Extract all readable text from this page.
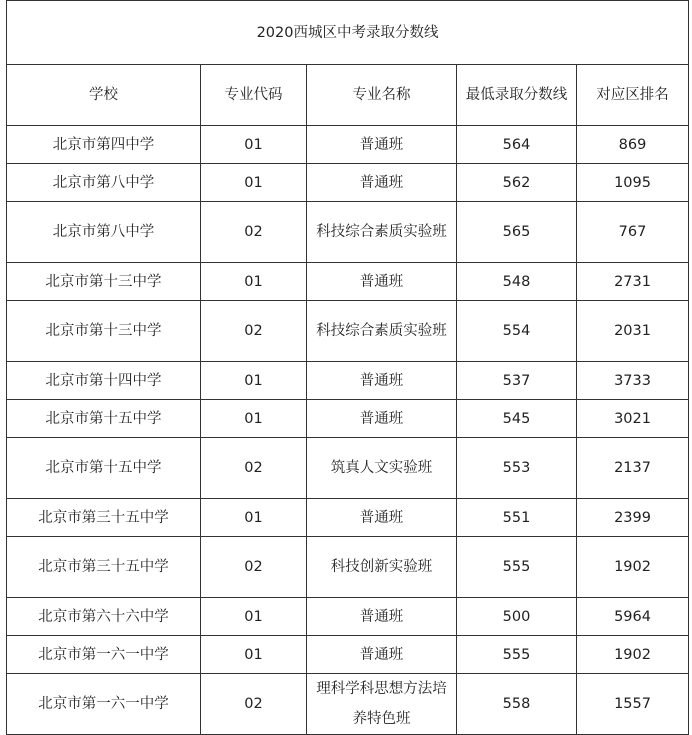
2020西城区中考录取分数线				
学校	专业代码	专业名称	最低录取分数线	对应区排名
北京市第四中学	01	普通班	564	869
北京市第八中学	01	普通班	562	1095
北京市第八中学	02	科技综合素质实验班	565	767
北京市第十三中学	01	普通班	548	2731
北京市第十三中学	02	科技综合素质实验班	554	2031
北京市第十四中学	01	普通班	537	3733
北京市第十五中学	01	普通班	545	3021
北京市第十五中学	02	筑真人文实验班	553	2137
北京市第三十五中学	01	普通班	551	2399
北京市第三十五中学	02	科技创新实验班	555	1902
北京市第六十六中学	01	普通班	500	5964
北京市第一六一中学	01	普通班	555	1902
北京市第一六一中学	02	理科学科思想方法培养特色班	558	1557
